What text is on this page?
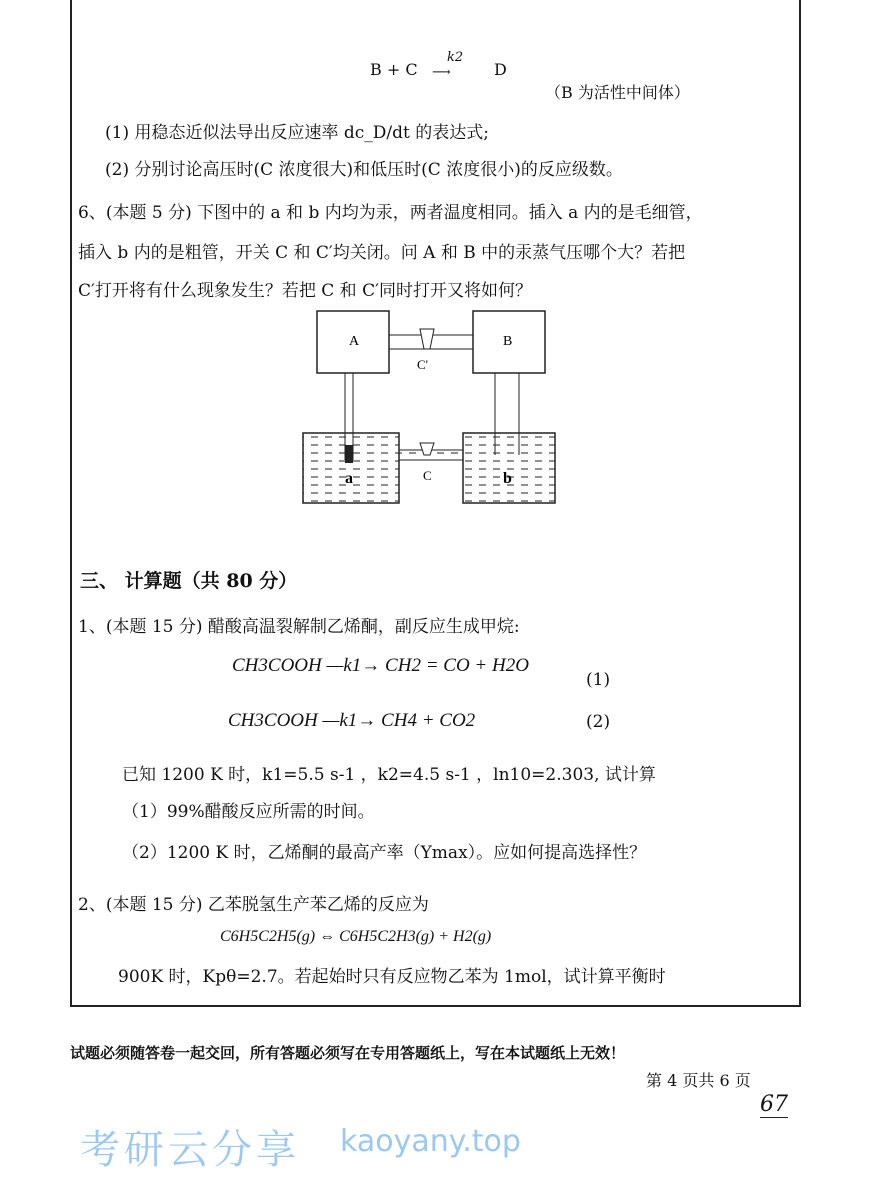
考研云分享 kaoyany.top
B + C
k2
⟶	D
（B 为活性中间体）
(1) 用稳态近似法导出反应速率 dc_D/dt 的表达式;
(2) 分别讨论高压时(C 浓度很大)和低压时(C 浓度很小)的反应级数。
6、(本题 5 分) 下图中的 a 和 b 内均为汞，两者温度相同。插入 a 内的是毛细管，
插入 b 内的是粗管，开关 C 和 C′均关闭。问 A 和 B 中的汞蒸气压哪个大？若把
C′打开将有什么现象发生？若把 C 和 C′同时打开又将如何？
A	B
C'
C
a	b
三、 计算题（共 80 分）
1、(本题 15 分) 醋酸高温裂解制乙烯酮，副反应生成甲烷:
CH3COOH —k1→ CH2 = CO + H2O
(1)
CH3COOH —k1→ CH4 + CO2	(2)
已知 1200 K 时，k1=5.5 s-1 ，k2=4.5 s-1 ，ln10=2.303, 试计算
（1）99%醋酸反应所需的时间。
（2）1200 K 时，乙烯酮的最高产率（Ymax）。应如何提高选择性？
2、(本题 15 分) 乙苯脱氢生产苯乙烯的反应为
C6H5C2H5(g) ⇔ C6H5C2H3(g) + H2(g)
900K 时，Kpθ=2.7。若起始时只有反应物乙苯为 1mol，试计算平衡时
试题必须随答卷一起交回，所有答题必须写在专用答题纸上，写在本试题纸上无效！
第 4 页共 6 页
67
